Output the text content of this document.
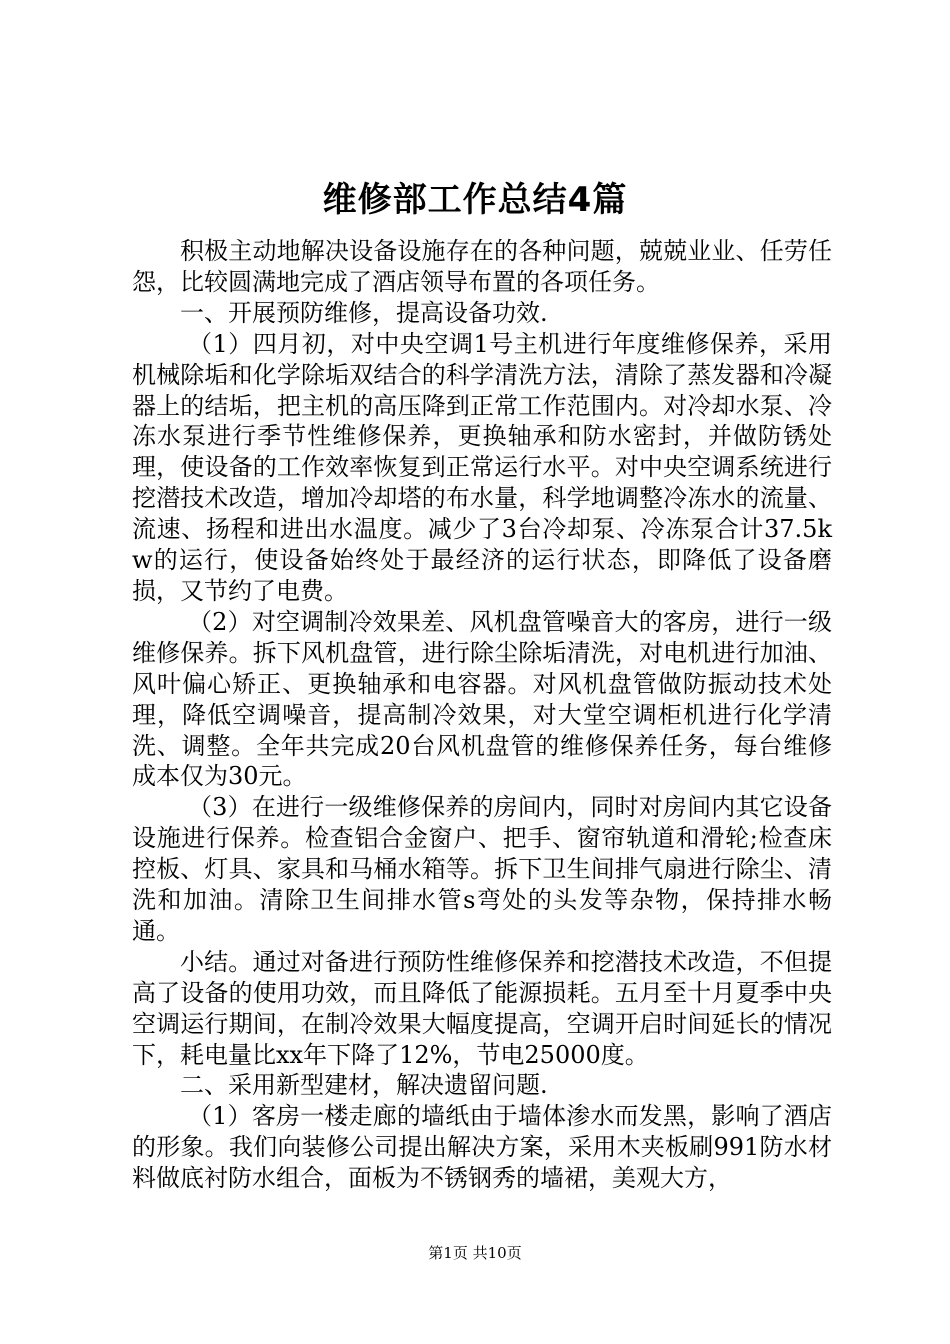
维修部工作总结4篇

积极主动地解决设备设施存在的各种问题，兢兢业业、任劳任怨，比较圆满地完成了酒店领导布置的各项任务。

一、开展预防维修，提高设备功效.

（1）四月初，对中央空调1号主机进行年度维修保养，采用机械除垢和化学除垢双结合的科学清洗方法，清除了蒸发器和冷凝器上的结垢，把主机的高压降到正常工作范围内。对冷却水泵、冷冻水泵进行季节性维修保养，更换轴承和防水密封，并做防锈处理，使设备的工作效率恢复到正常运行水平。对中央空调系统进行挖潜技术改造，增加冷却塔的布水量，科学地调整冷冻水的流量、流速、扬程和进出水温度。减少了3台冷却泵、冷冻泵合计37.5kw的运行，使设备始终处于最经济的运行状态，即降低了设备磨损，又节约了电费。

（2）对空调制冷效果差、风机盘管噪音大的客房，进行一级维修保养。拆下风机盘管，进行除尘除垢清洗，对电机进行加油、风叶偏心矫正、更换轴承和电容器。对风机盘管做防振动技术处理，降低空调噪音，提高制冷效果，对大堂空调柜机进行化学清洗、调整。全年共完成20台风机盘管的维修保养任务，每台维修成本仅为30元。

（3）在进行一级维修保养的房间内，同时对房间内其它设备设施进行保养。检查铝合金窗户、把手、窗帘轨道和滑轮;检查床控板、灯具、家具和马桶水箱等。拆下卫生间排气扇进行除尘、清洗和加油。清除卫生间排水管s弯处的头发等杂物，保持排水畅通。

小结。通过对备进行预防性维修保养和挖潜技术改造，不但提高了设备的使用功效，而且降低了能源损耗。五月至十月夏季中央空调运行期间，在制冷效果大幅度提高，空调开启时间延长的情况下，耗电量比xx年下降了12%，节电25000度。

二、采用新型建材，解决遗留问题.

（1）客房一楼走廊的墙纸由于墙体渗水而发黑，影响了酒店的形象。我们向装修公司提出解决方案，采用木夹板刷991防水材料做底衬防水组合，面板为不锈钢秀的墙裙，美观大方，

第1页 共10页
